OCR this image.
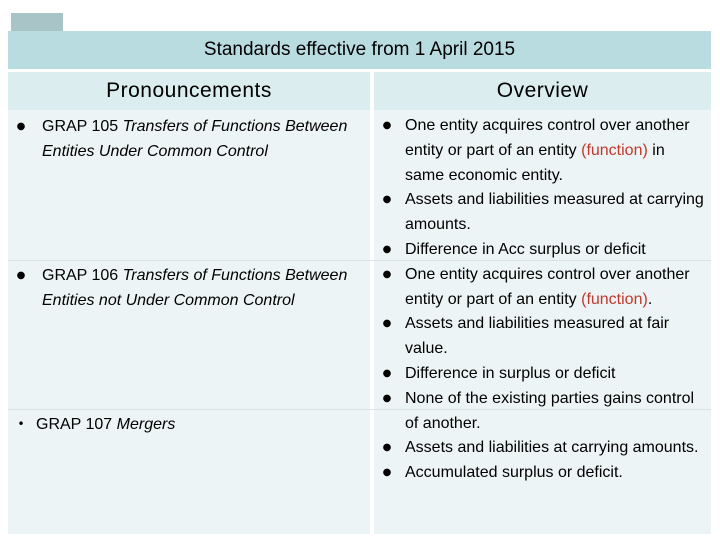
Standards effective from 1 April 2015
Pronouncements	Overview
● GRAP 105 Transfers of Functions Between Entities Under Common Control
● GRAP 106 Transfers of Functions Between Entities not Under Common Control
• GRAP 107 Mergers
● One entity acquires control over another entity or part of an entity (function) in same economic entity.
● Assets and liabilities measured at carrying amounts.
● Difference in Acc surplus or deficit
● One entity acquires control over another entity or part of an entity (function).
● Assets and liabilities measured at fair value.
● Difference in surplus or deficit
● None of the existing parties gains control of another.
● Assets and liabilities at carrying amounts.
● Accumulated surplus or deficit.
